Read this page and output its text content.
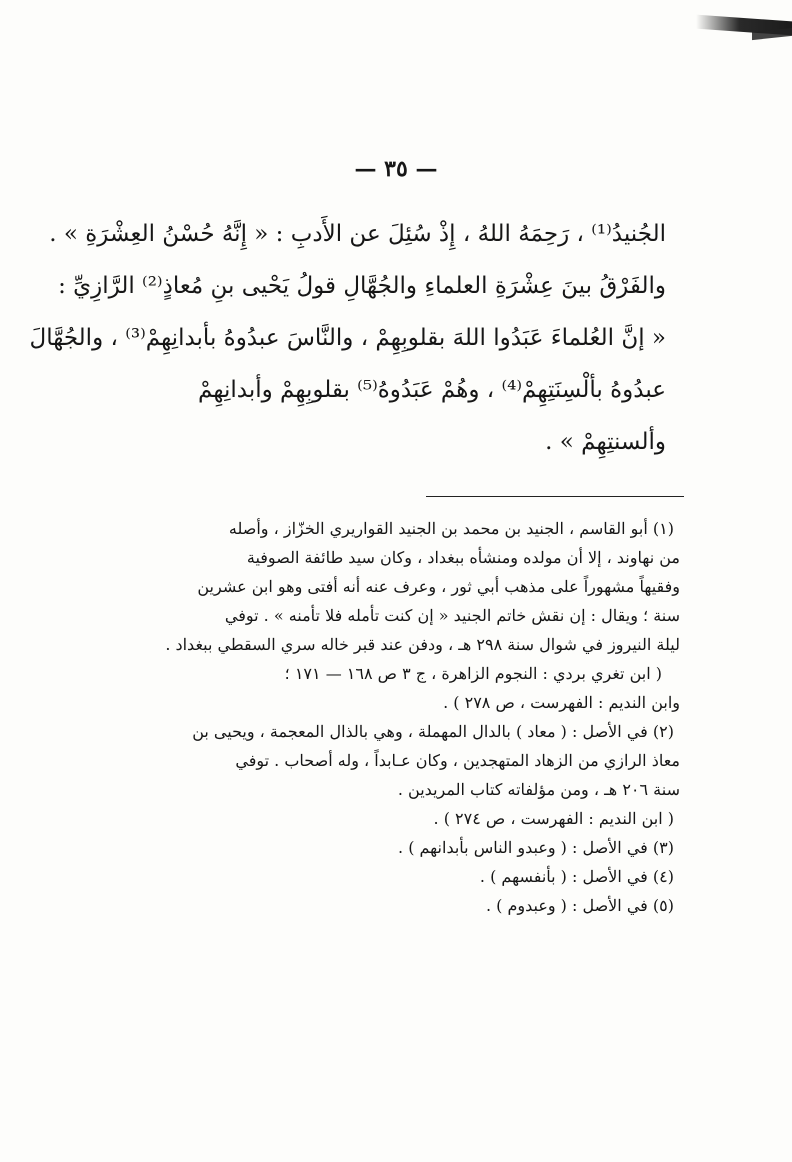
— ٣٥ —
الجُنيدُ⁽¹⁾ ، رَحِمَهُ اللهُ ، إِذْ سُئِلَ عن الأَدبِ : « إِنَّهُ حُسْنُ العِشْرَةِ » .
والفَرْقُ بينَ عِشْرَةِ العلماءِ والجُهَّالِ قولُ يَحْيى بنِ مُعاذٍ⁽²⁾ الرَّازِيِّ :
« إنَّ العُلماءَ عَبَدُوا اللهَ بقلوبِهِمْ ، والنَّاسَ عبدُوهُ بأبدانِهِمْ⁽³⁾ ، والجُهَّالَ
عبدُوهُ بألْسِنَتِهِمْ⁽⁴⁾ ، وهُمْ عَبَدُوهُ⁽⁵⁾ بقلوبِهِمْ وأبدانِهِمْ
وألسنتِهِمْ » .
(١) أبو القاسم ، الجنيد بن محمد بن الجنيد القواريري الخزّاز ، وأصله
من نهاوند ، إلا أن مولده ومنشأه ببغداد ، وكان سيد طائفة الصوفية
وفقيهاً مشهوراً على مذهب أبي ثور ، وعرف عنه أنه أفتى وهو ابن عشرين
سنة ؛ ويقال : إن نقش خاتم الجنيد « إن كنت تأمله فلا تأمنه » . توفي
ليلة النيروز في شوال سنة ٢٩٨ هـ ، ودفن عند قبر خاله سري السقطي ببغداد .
( ابن تغري بردي : النجوم الزاهرة ، ج ٣ ص ١٦٨ — ١٧١ ؛
وابن النديم : الفهرست ، ص ٢٧٨ ) .
(٢) في الأصل : ( معاد ) بالدال المهملة ، وهي بالذال المعجمة ، ويحيى بن
معاذ الرازي من الزهاد المتهجدين ، وكان عـابداً ، وله أصحاب . توفي
سنة ٢٠٦ هـ ، ومن مؤلفاته كتاب المريدين .
( ابن النديم : الفهرست ، ص ٢٧٤ ) .
(٣) في الأصل : ( وعبدو الناس بأبدانهم ) .
(٤) في الأصل : ( بأنفسهم ) .
(٥) في الأصل : ( وعبدوم ) .
